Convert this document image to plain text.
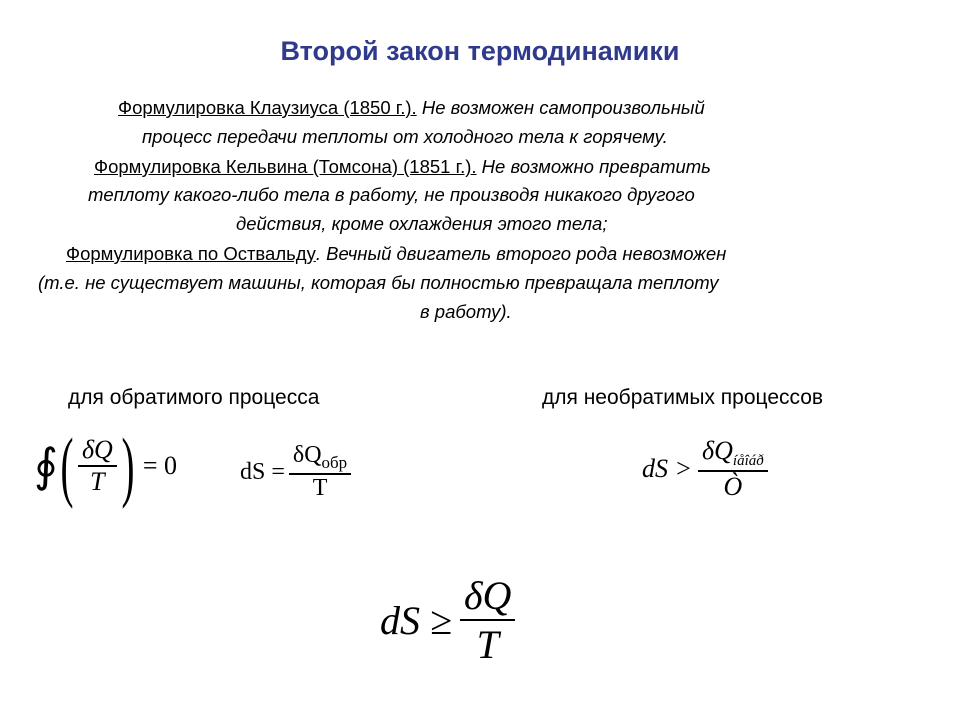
Второй закон термодинамики
Формулировка Клаузиуса (1850 г.). Не возможен самопроизвольный
процесс передачи теплоты от холодного тела к горячему.
Формулировка Кельвина (Томсона) (1851 г.). Не возможно превратить
теплоту какого-либо тела в работу, не производя никакого другого
действия, кроме охлаждения этого тела;
Формулировка по Оствальду. Вечный двигатель второго рода невозможен
(т.е. не существует машины, которая бы полностью превращала теплоту
в работу).
для обратимого процесса	для необратимых процессов
∮ ( $\frac{\delta Q}{T}$ ) = 0	dS = $\frac{\delta Q_{обр}}{T}$	dS > $\frac{\delta Q_{íåîáð}}{Ò}$
dS ≥ $\frac{\delta Q}{T}$
